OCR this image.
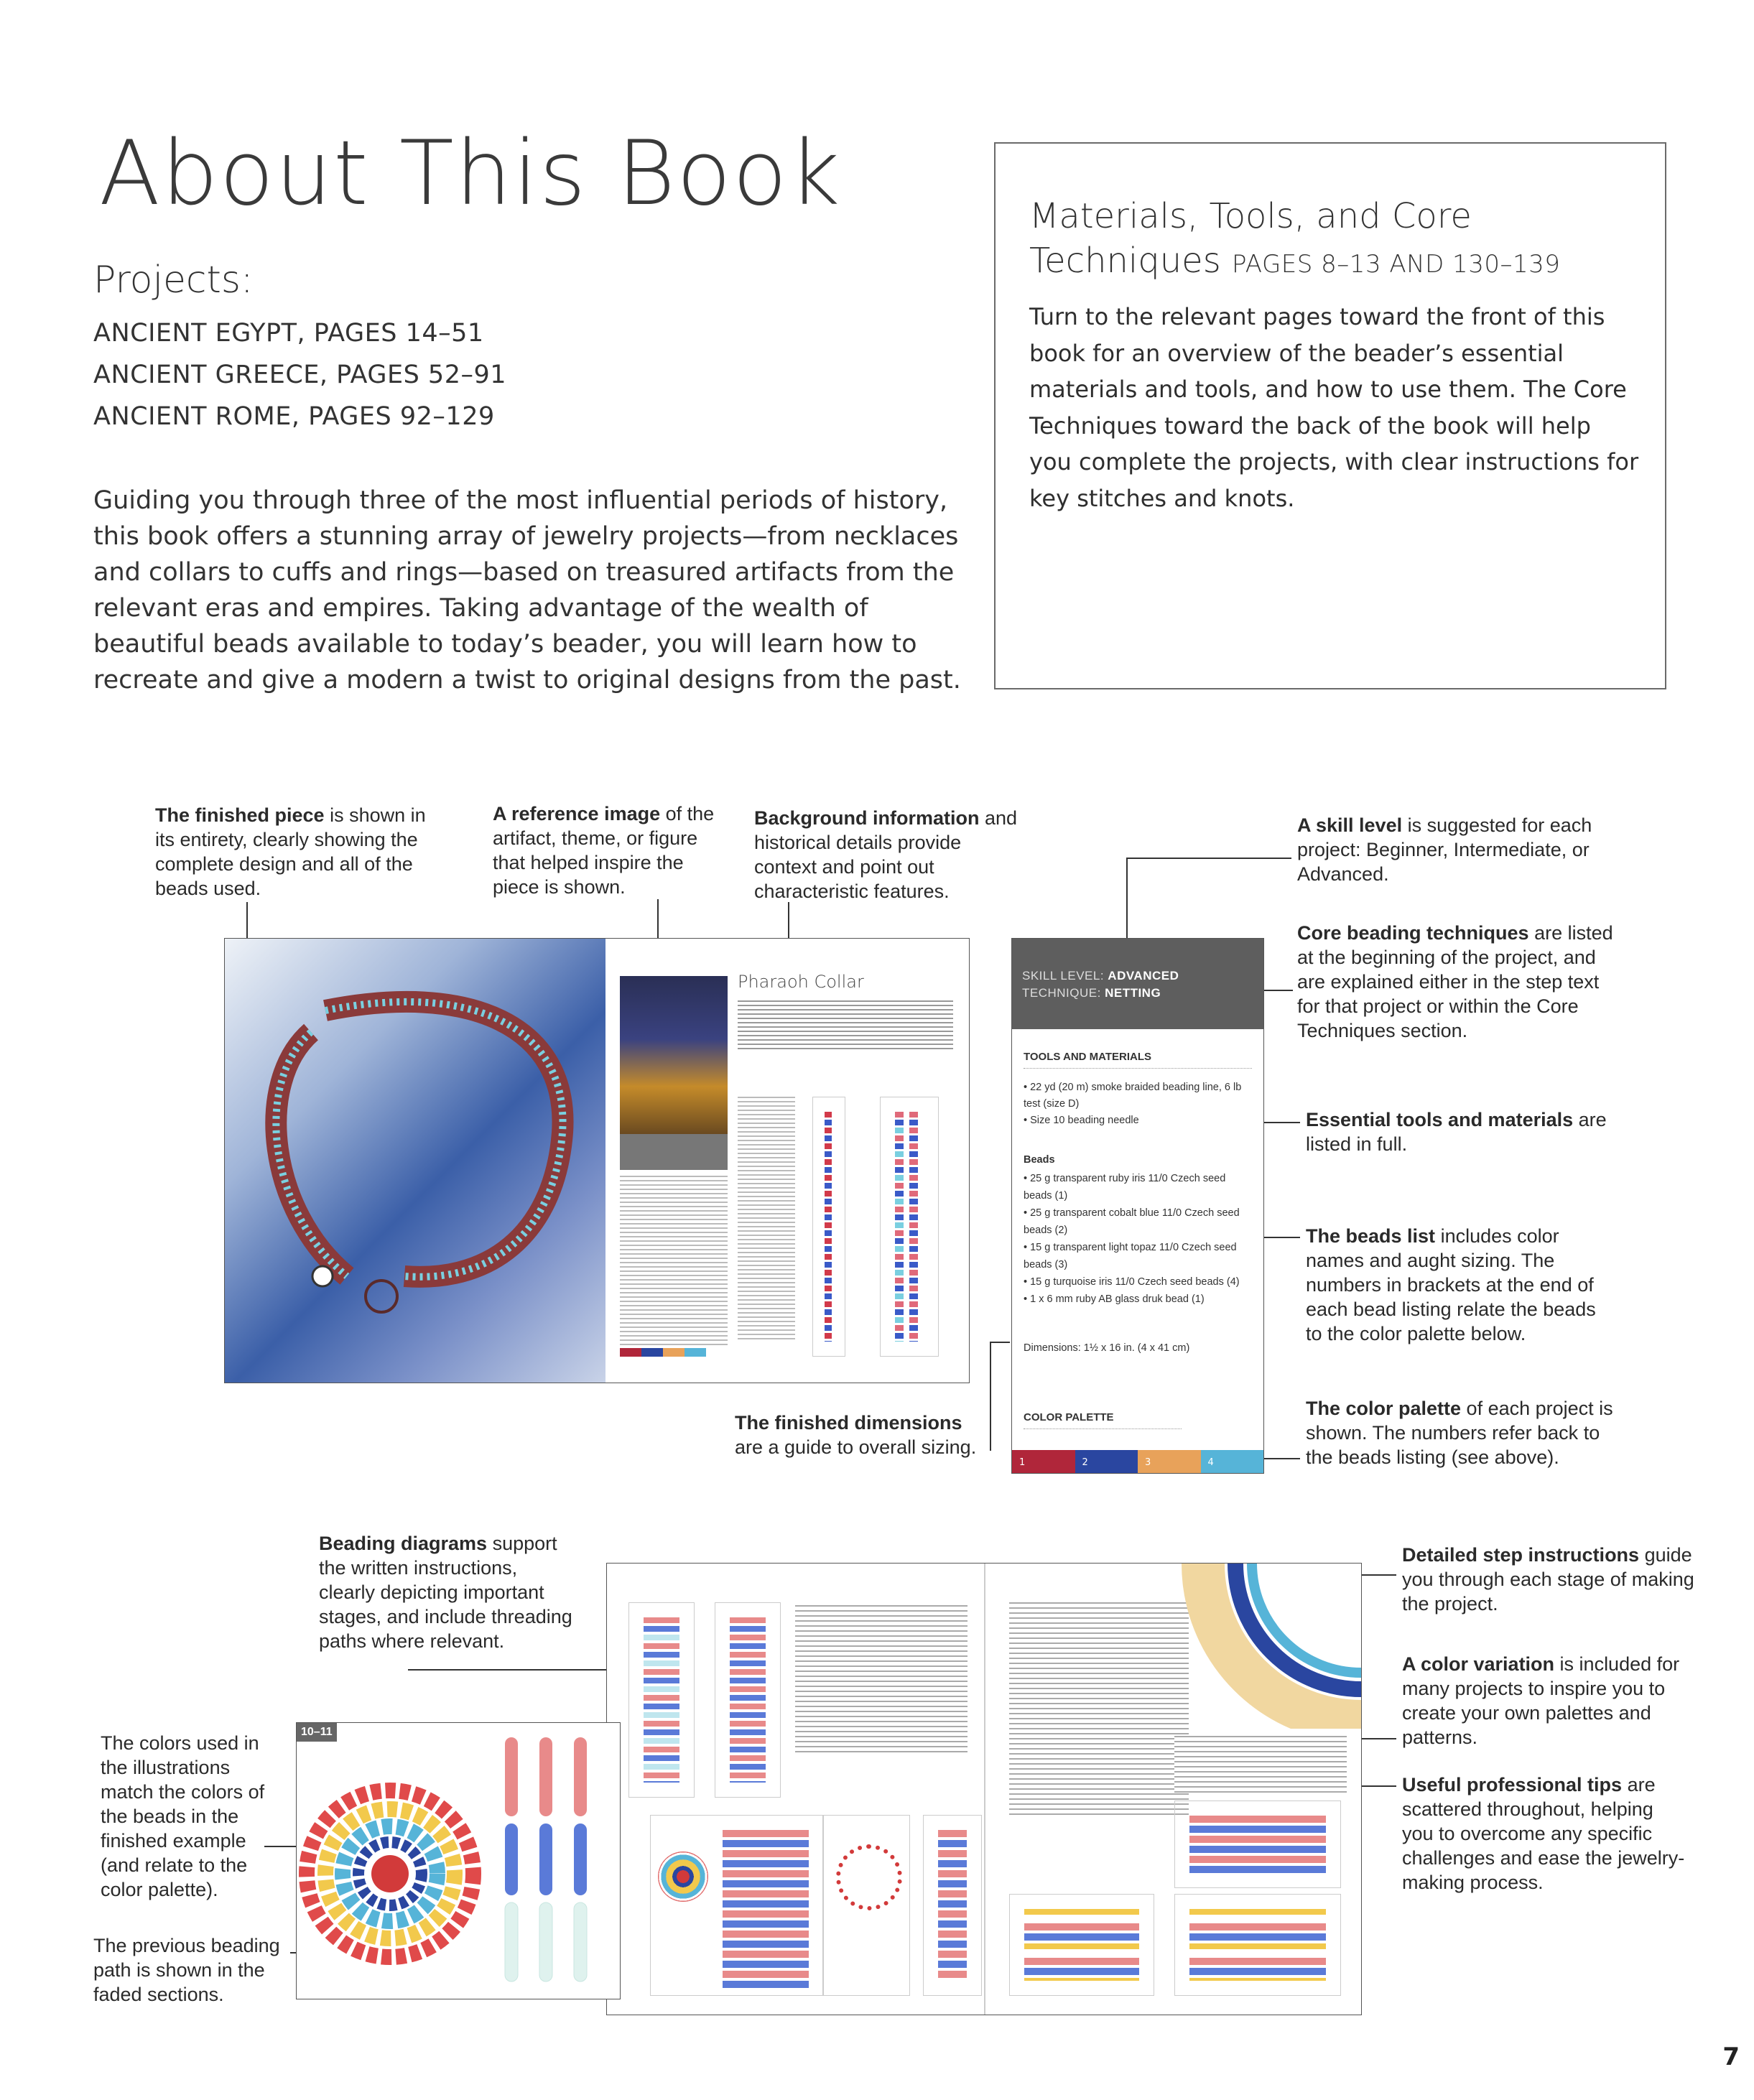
About This Book
Projects:
ANCIENT EGYPT, PAGES 14–51
ANCIENT GREECE, PAGES 52–91
ANCIENT ROME, PAGES 92–129
Guiding you through three of the most influential periods of history, this book offers a stunning array of jewelry projects—from necklaces and collars to cuffs and rings—based on treasured artifacts from the relevant eras and empires. Taking advantage of the wealth of beautiful beads available to today’s beader, you will learn how to recreate and give a modern a twist to original designs from the past.
Materials, Tools, and Core
Techniques PAGES 8–13 AND 130–139
Turn to the relevant pages toward the front of this book for an overview of the beader’s essential materials and tools, and how to use them. The Core Techniques toward the back of the book will help you complete the projects, with clear instructions for key stitches and knots.
The finished piece is shown in its entirety, clearly showing the complete design and all of the beads used.
A reference image of the artifact, theme, or figure that helped inspire the piece is shown.
Background information and historical details provide context and point out characteristic features.
A skill level is suggested for each project: Beginner, Intermediate, or Advanced.
Core beading techniques are listed at the beginning of the project, and are explained either in the step text for that project or within the Core Techniques section.
Essential tools and materials are listed in full.
The beads list includes color names and aught sizing. The numbers in brackets at the end of each bead listing relate the beads to the color palette below.
The color palette of each project is shown. The numbers refer back to the beads listing (see above).
The finished dimensions are a guide to overall sizing.
Pharaoh Collar	SKILL LEVEL: ADVANCED
TECHNIQUE: NETTING
TOOLS AND MATERIALS
• 22 yd (20 m) smoke braided beading line, 6 lb test (size D)
• Size 10 beading needle
Beads
• 25 g transparent ruby iris 11/0 Czech seed beads (1)
• 25 g transparent cobalt blue 11/0 Czech seed beads (2)
• 15 g transparent light topaz 11/0 Czech seed beads (3)
• 15 g turquoise iris 11/0 Czech seed beads (4)
• 1 x 6 mm ruby AB glass druk bead (1)
Dimensions: 1½ x 16 in. (4 x 41 cm)
COLOR PALETTE
1	2	3	4
Beading diagrams support the written instructions, clearly depicting important stages, and include threading paths where relevant.
The colors used in the illustrations match the colors of the beads in the finished example (and relate to the color palette).
The previous beading path is shown in the faded sections.
Detailed step instructions guide you through each stage of making the project.
A color variation is included for many projects to inspire you to create your own palettes and patterns.
Useful professional tips are scattered throughout, helping you to overcome any specific challenges and ease the jewelry-making process.
10–11
7
